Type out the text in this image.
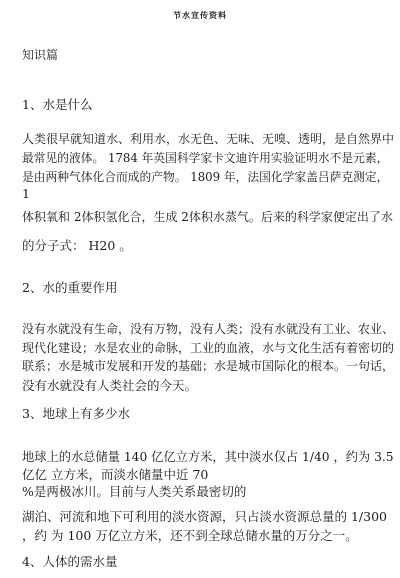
节水宣传资料
知识篇
1、水是什么
人类很早就知道水、利用水，水无色、无味、无嗅、透明，是自然界中
最常见的液体。 1784 年英国科学家卡文迪许用实验证明水不是元素，
是由两种气体化合而成的产物。 1809 年，法国化学家盖吕萨克测定，
1
体积氧和 2体积氢化合，生成 2体积水蒸气。后来的科学家便定出了水
的分子式： H20 。
2、水的重要作用
没有水就没有生命，没有万物，没有人类；没有水就没有工业、农业、
现代化建设；水是农业的命脉，工业的血液，水与文化生活有着密切的
联系；水是城市发展和开发的基础；水是城市国际化的根本。一句话，
没有水就没有人类社会的今天。
3、地球上有多少水
地球上的水总储量 140 亿亿立方米，其中淡水仅占 1/40 ，约为 3.5
亿亿 立方米，而淡水储量中近 70
%是两极冰川。目前与人类关系最密切的
湖泊、河流和地下可利用的淡水资源，只占淡水资源总量的 1/300
，约 为 100 万亿立方米，还不到全球总储水量的万分之一。
4、人体的需水量
